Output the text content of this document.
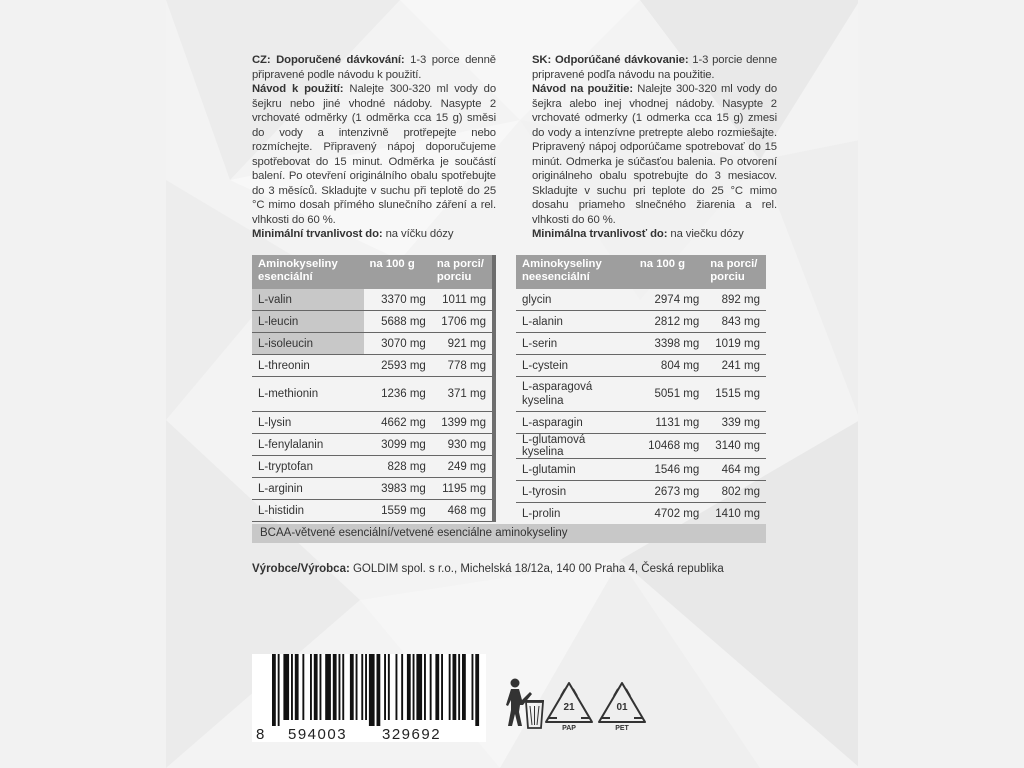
CZ: Doporučené dávkování: 1-3 porce denně připravené podle návodu k použití.

Návod k použití: Nalejte 300-320 ml vody do šejkru nebo jiné vhodné nádoby. Nasypte 2 vrchovaté odměrky (1 odměrka cca 15 g) směsi do vody a intenzivně protřepejte nebo rozmíchejte. Připravený nápoj doporučujeme spotřebovat do 15 minut. Odměrka je součástí balení. Po otevření originálního obalu spotřebujte do 3 měsíců. Skladujte v suchu při teplotě do 25 °C mimo dosah přímého slunečního záření a rel. vlhkosti do 60 %.

Minimální trvanlivost do: na víčku dózy

SK: Odporúčané dávkovanie: 1-3 porcie denne pripravené podľa návodu na použitie.

Návod na použitie: Nalejte 300-320 ml vody do šejkra alebo inej vhodnej nádoby. Nasypte 2 vrchovaté odmerky (1 odmerka cca 15 g) zmesi do vody a intenzívne pretrepte alebo rozmiešajte. Pripravený nápoj odporúčame spotrebovať do 15 minút. Odmerka je súčasťou balenia. Po otvorení originálneho obalu spotrebujte do 3 mesiacov. Skladujte v suchu pri teplote do 25 °C mimo dosahu priameho slnečného žiarenia a rel. vlhkosti do 60 %.

Minimálna trvanlivosť do: na viečku dózy

Aminokyseliny esenciální	na 100 g	na porci/ porciu
L-valin	3370 mg	1011 mg
L-leucin	5688 mg	1706 mg
L-isoleucin	3070 mg	921 mg
L-threonin	2593 mg	778 mg
L-methionin	1236 mg	371 mg
L-lysin	4662 mg	1399 mg
L-fenylalanin	3099 mg	930 mg
L-tryptofan	828 mg	249 mg
L-arginin	3983 mg	1195 mg
L-histidin	1559 mg	468 mg
Aminokyseliny neesenciální	na 100 g	na porci/ porciu
glycin	2974 mg	892 mg
L-alanin	2812 mg	843 mg
L-serin	3398 mg	1019 mg
L-cystein	804 mg	241 mg
L-asparagová kyselina	5051 mg	1515 mg
L-asparagin	1131 mg	339 mg
L-glutamová kyselina	10468 mg	3140 mg
L-glutamin	1546 mg	464 mg
L-tyrosin	2673 mg	802 mg
L-prolin	4702 mg	1410 mg
BCAA-větvené esenciální/vetvené esenciálne aminokyseliny
Výrobce/Výrobca: GOLDIM spol. s r.o., Michelská 18/12a, 140 00 Praha 4, Česká republika
8 594003 329692
21
PAP
01
PET
